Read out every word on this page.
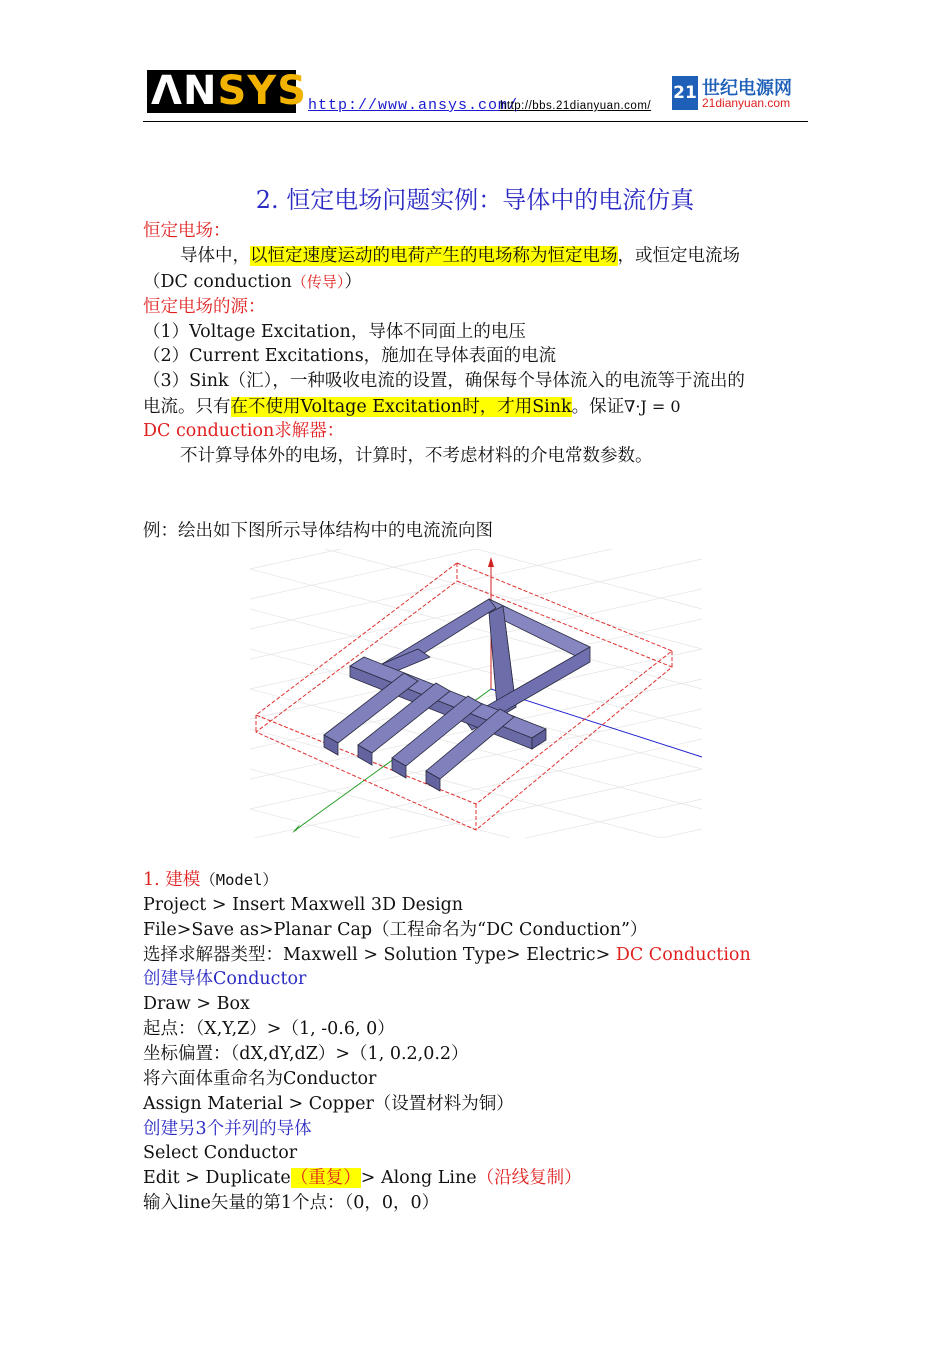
ΛNSYS http://www.ansys.com/
http://bbs.21dianyuan.com/
21 世纪电源网
21dianyuan.com
2. 恒定电场问题实例：导体中的电流仿真
恒定电场：
导体中，以恒定速度运动的电荷产生的电场称为恒定电场，或恒定电流场
（DC conduction（传导））
恒定电场的源：
（1）Voltage Excitation，导体不同面上的电压
（2）Current Excitations，施加在导体表面的电流
（3）Sink（汇），一种吸收电流的设置，确保每个导体流入的电流等于流出的
电流。只有在不使用Voltage Excitation时，才用Sink。保证∇·J = 0
DC conduction求解器：
不计算导体外的电场，计算时，不考虑材料的介电常数参数。
例：绘出如下图所示导体结构中的电流流向图
1. 建模（Model）
Project > Insert Maxwell 3D Design
File>Save as>Planar Cap（工程命名为“DC Conduction”）
选择求解器类型：Maxwell > Solution Type> Electric> DC Conduction
创建导体Conductor
Draw > Box
起点：（X,Y,Z）>（1, -0.6, 0）
坐标偏置：（dX,dY,dZ）>（1, 0.2,0.2）
将六面体重命名为Conductor
Assign Material > Copper（设置材料为铜）
创建另3个并列的导体
Select Conductor
Edit > Duplicate（重复）> Along Line（沿线复制）
输入line矢量的第1个点：（0，0，0）
